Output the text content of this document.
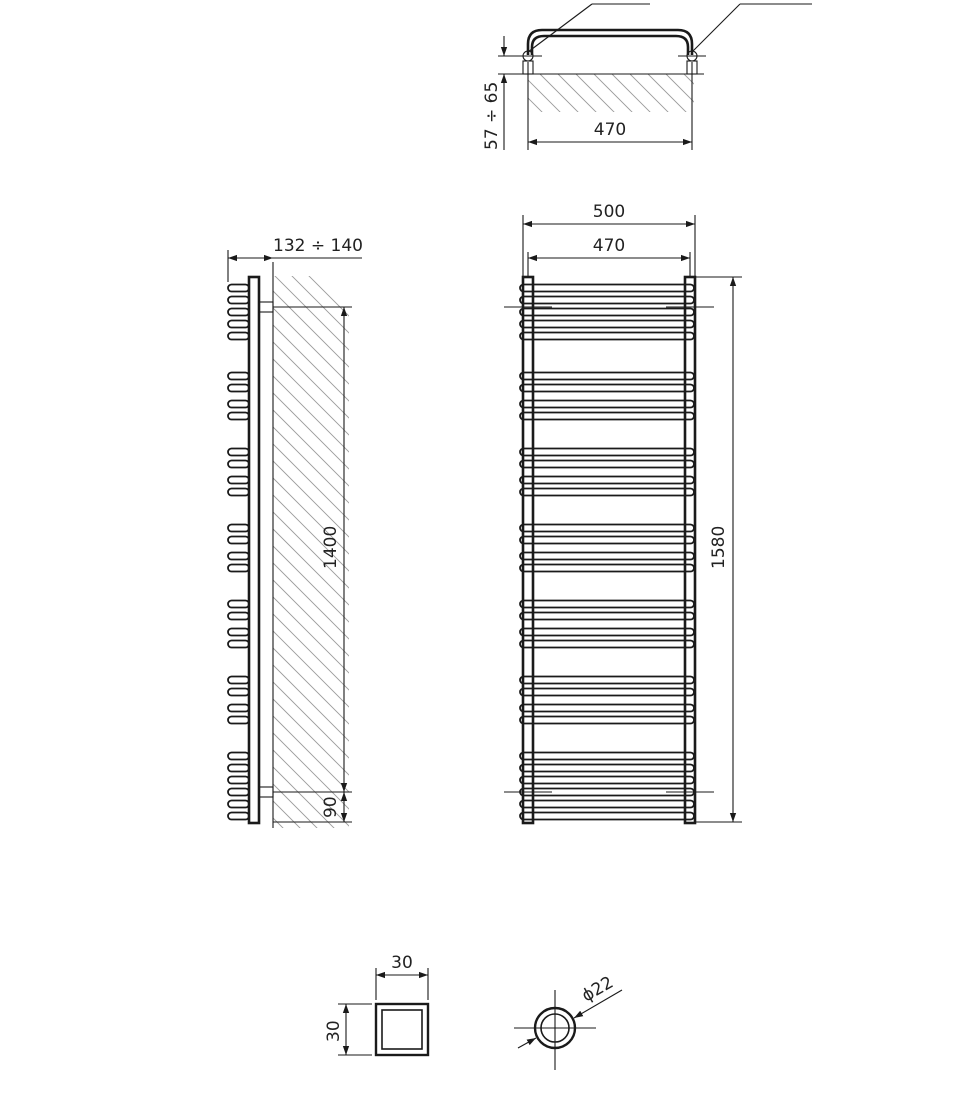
57 ÷ 65	470
132 ÷ 140
1400
90
500
470
1580
30
30
ϕ22
